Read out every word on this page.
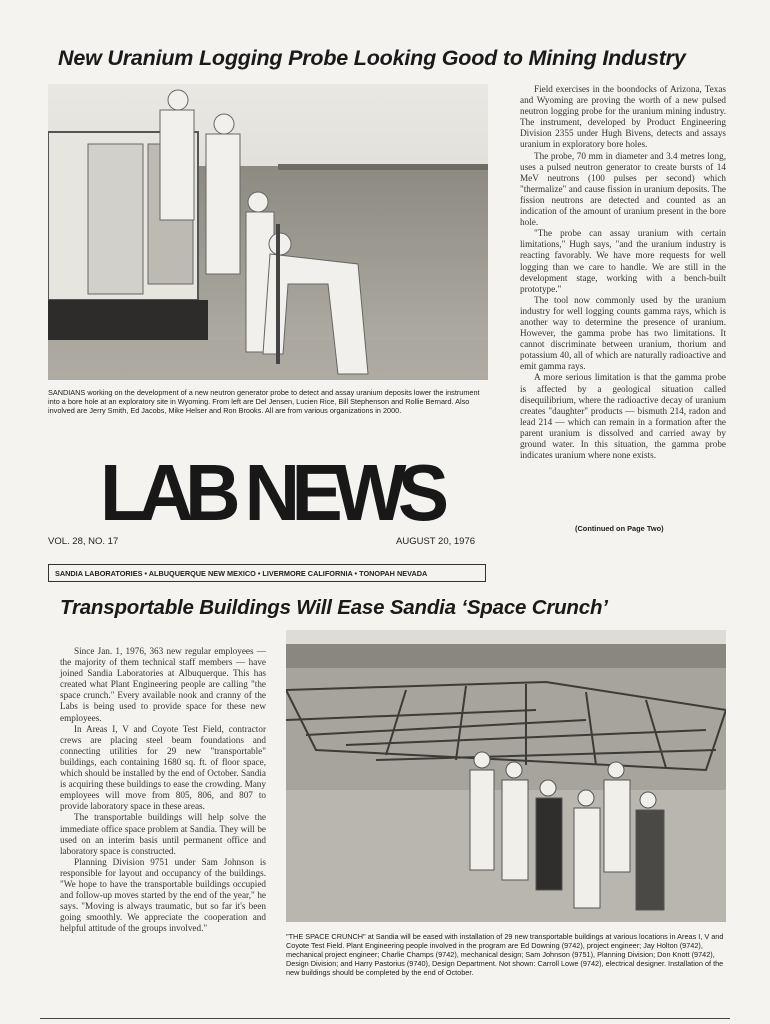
New Uranium Logging Probe Looking Good to Mining Industry
SANDIANS working on the development of a new neutron generator probe to detect and assay uranium deposits lower the instrument into a bore hole at an exploratory site in Wyoming. From left are Del Jensen, Lucien Rice, Bill Stephenson and Rollie Bernard. Also involved are Jerry Smith, Ed Jacobs, Mike Helser and Ron Brooks. All are from various organizations in 2000.

Field exercises in the boondocks of Arizona, Texas and Wyoming are proving the worth of a new pulsed neutron logging probe for the uranium mining industry. The instrument, developed by Product Engineering Division 2355 under Hugh Bivens, detects and assays uranium in exploratory bore holes.

The probe, 70 mm in diameter and 3.4 metres long, uses a pulsed neutron generator to create bursts of 14 MeV neutrons (100 pulses per second) which "thermalize" and cause fission in uranium deposits. The fission neutrons are detected and counted as an indication of the amount of uranium present in the bore hole.

"The probe can assay uranium with certain limitations," Hugh says, "and the uranium industry is reacting favorably. We have more requests for well logging than we care to handle. We are still in the development stage, working with a bench-built prototype."

The tool now commonly used by the uranium industry for well logging counts gamma rays, which is another way to determine the presence of uranium. However, the gamma probe has two limitations. It cannot discriminate between uranium, thorium and potassium 40, all of which are naturally radioactive and emit gamma rays.

A more serious limitation is that the gamma probe is affected by a geological situation called disequilibrium, where the radioactive decay of uranium creates "daughter" products — bismuth 214, radon and lead 214 — which can remain in a formation after the parent uranium is dissolved and carried away by ground water. In this situation, the gamma probe indicates uranium where none exists.

(Continued on Page Two)
LAB NEWS
VOL. 28, NO. 17	AUGUST 20, 1976
SANDIA LABORATORIES • ALBUQUERQUE NEW MEXICO • LIVERMORE CALIFORNIA • TONOPAH NEVADA
Transportable Buildings Will Ease Sandia ‘Space Crunch’

Since Jan. 1, 1976, 363 new regular employees — the majority of them technical staff members — have joined Sandia Laboratories at Albuquerque. This has created what Plant Engineering people are calling "the space crunch." Every available nook and cranny of the Labs is being used to provide space for these new employees.

In Areas I, V and Coyote Test Field, contractor crews are placing steel beam foundations and connecting utilities for 29 new "transportable" buildings, each containing 1680 sq. ft. of floor space, which should be installed by the end of October. Sandia is acquiring these buildings to ease the crowding. Many employees will move from 805, 806, and 807 to provide laboratory space in these areas.

The transportable buildings will help solve the immediate office space problem at Sandia. They will be used on an interim basis until permanent office and laboratory space is constructed.

Planning Division 9751 under Sam Johnson is responsible for layout and occupancy of the buildings. "We hope to have the transportable buildings occupied and follow-up moves started by the end of the year," he says. "Moving is always traumatic, but so far it's been going smoothly. We appreciate the cooperation and helpful attitude of the groups involved."

"THE SPACE CRUNCH" at Sandia will be eased with installation of 29 new transportable buildings at various locations in Areas I, V and Coyote Test Field. Plant Engineering people involved in the program are Ed Downing (9742), project engineer; Jay Holton (9742), mechanical project engineer; Charlie Champs (9742), mechanical design; Sam Johnson (9751), Planning Division; Don Knott (9742), Design Division; and Harry Pastorius (9740), Design Department. Not shown: Carroll Lowe (9742), electrical designer. Installation of the new buildings should be completed by the end of October.
